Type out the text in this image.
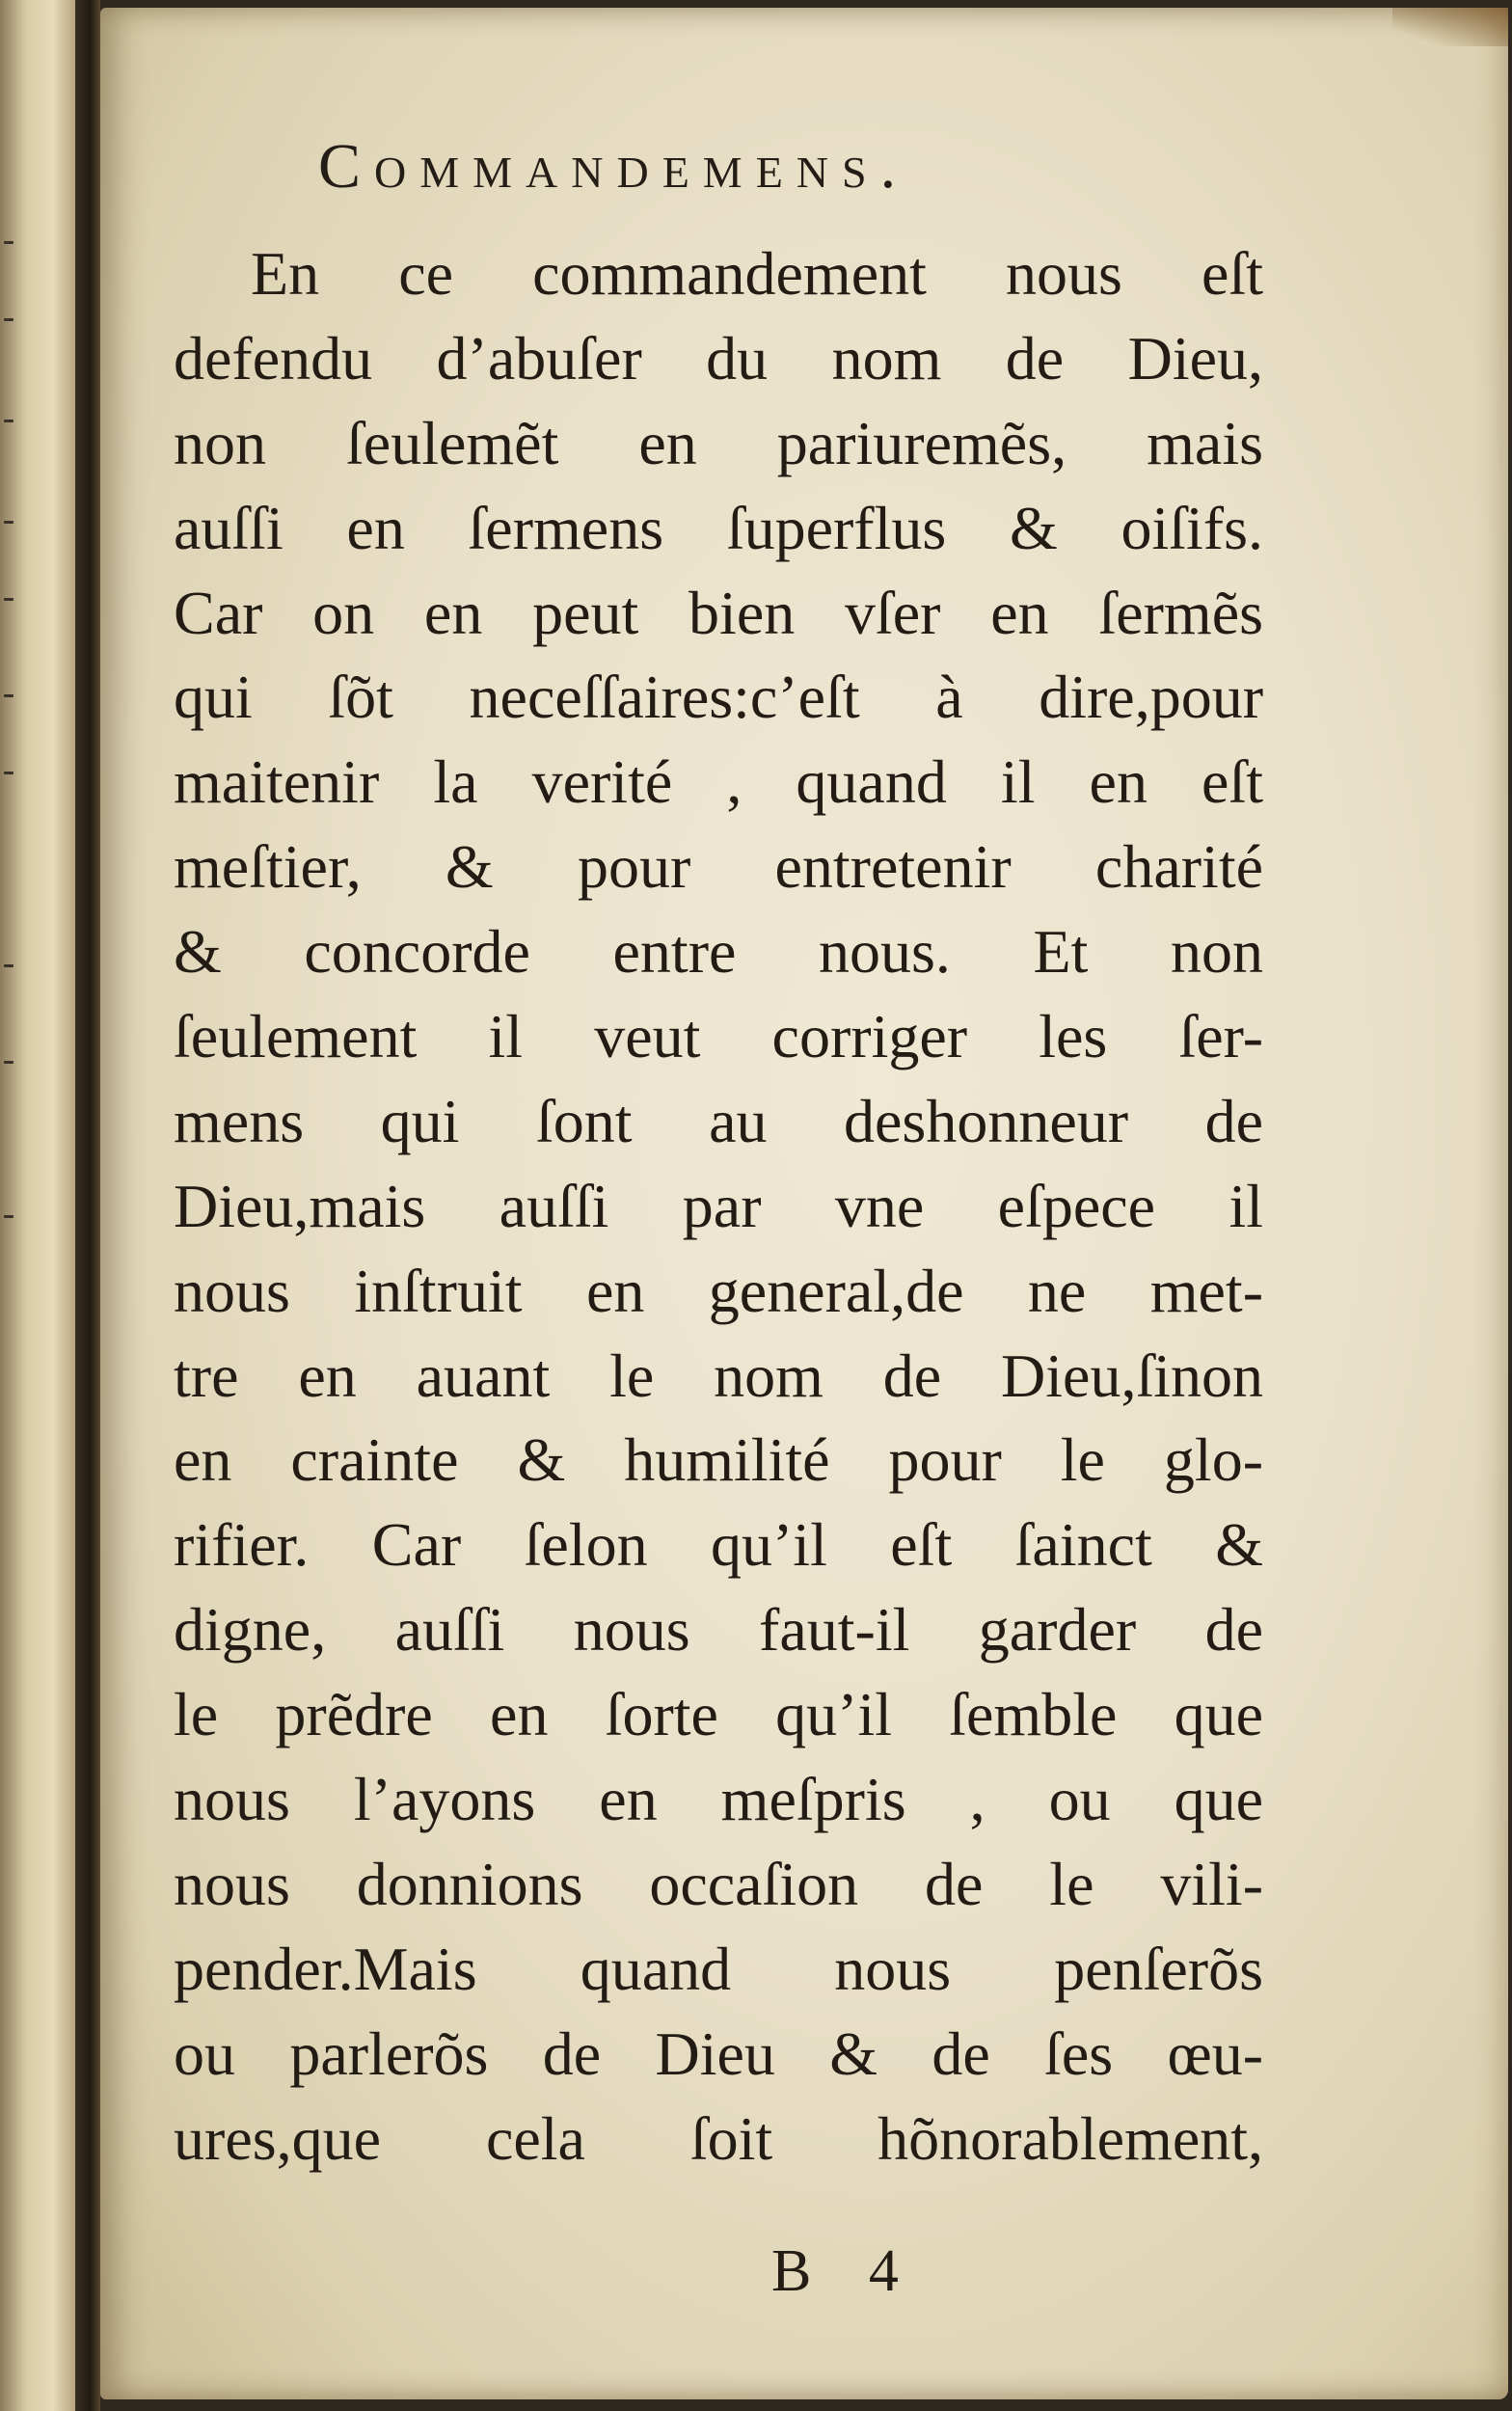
Commandemens.
En ce commandement nous eſt
defendu d’abuſer du nom de Dieu,
non ſeulemẽt en pariuremẽs, mais
auſſi en ſermens ſuperflus & oiſifs.
Car on en peut bien vſer en ſermẽs
qui ſõt neceſſaires:c’eſt à dire,pour
maitenir la verité , quand il en eſt
meſtier, & pour entretenir charité
& concorde entre nous. Et non
ſeulement il veut corriger les ſer-
mens qui ſont au deshonneur de
Dieu,mais auſſi par vne eſpece il
nous inſtruit en general,de ne met-
tre en auant le nom de Dieu,ſinon
en crainte & humilité pour le glo-
rifier. Car ſelon qu’il eſt ſainct &
digne, auſſi nous faut-il garder de
le prẽdre en ſorte qu’il ſemble que
nous l’ayons en meſpris , ou que
nous donnions occaſion de le vili-
pender.Mais quand nous penſerõs
ou parlerõs de Dieu & de ſes œu-
ures,que cela ſoit hõnorablement,
B 4
